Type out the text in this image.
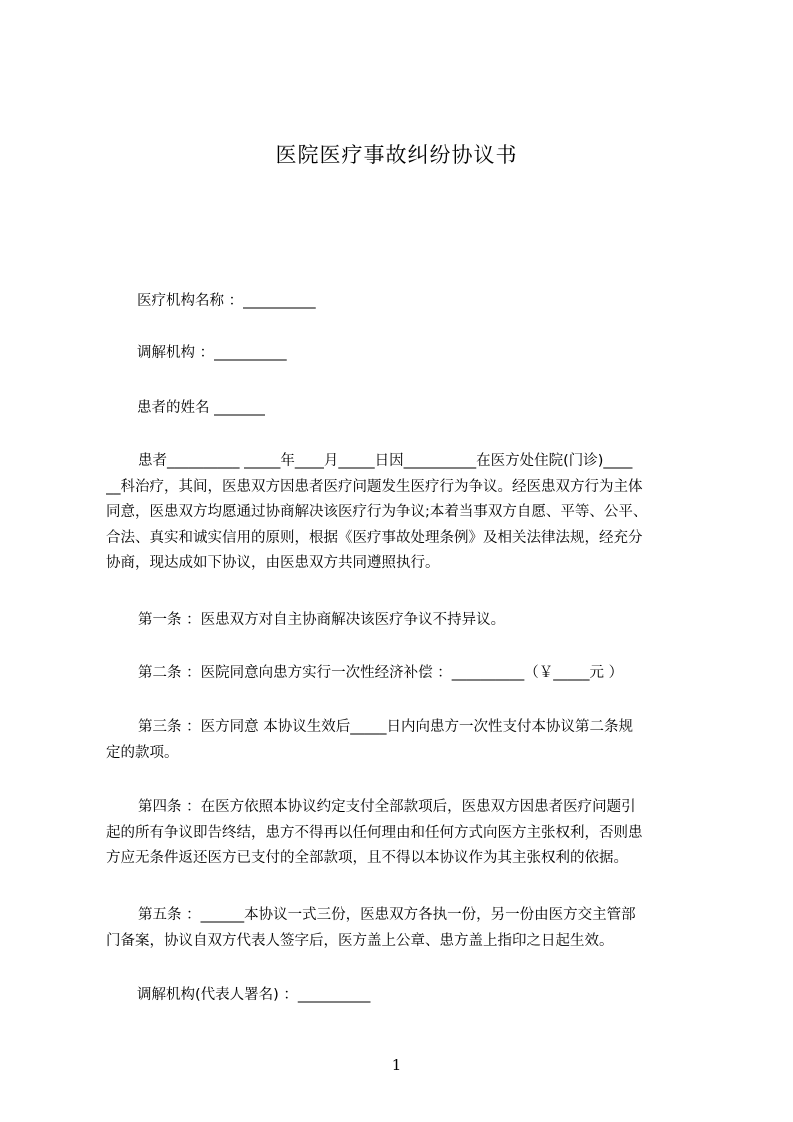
医院医疗事故纠纷协议书

医疗机构名称 ：__________

调解机构 ：__________

患者的姓名 _______

患者__________ _____年____月_____日因__________在医方处住院(门诊)____
__科治疗，其间，医患双方因患者医疗问题发生医疗行为争议。经医患双方行为主体
同意，医患双方均愿通过协商解决该医疗行为争议;本着当事双方自愿、平等、公平、
合法、真实和诚实信用的原则，根据《医疗事故处理条例》及相关法律法规，经充分
协商，现达成如下协议，由医患双方共同遵照执行。
第一条 ：医患双方对自主协商解决该医疗争议不持异议。
第二条 ：医院同意向患方实行一次性经济补偿 ：__________（￥_____元 ）
第三条 ：医方同意 本协议生效后_____日内向患方一次性支付本协议第二条规
定的款项。
第四条 ：在医方依照本协议约定支付全部款项后，医患双方因患者医疗问题引
起的所有争议即告终结，患方不得再以任何理由和任何方式向医方主张权利，否则患
方应无条件返还医方已支付的全部款项，且不得以本协议作为其主张权利的依据。
第五条 ：______本协议一式三份，医患双方各执一份，另一份由医方交主管部
门备案，协议自双方代表人签字后，医方盖上公章、患方盖上指印之日起生效。

调解机构(代表人署名) ：__________

1
